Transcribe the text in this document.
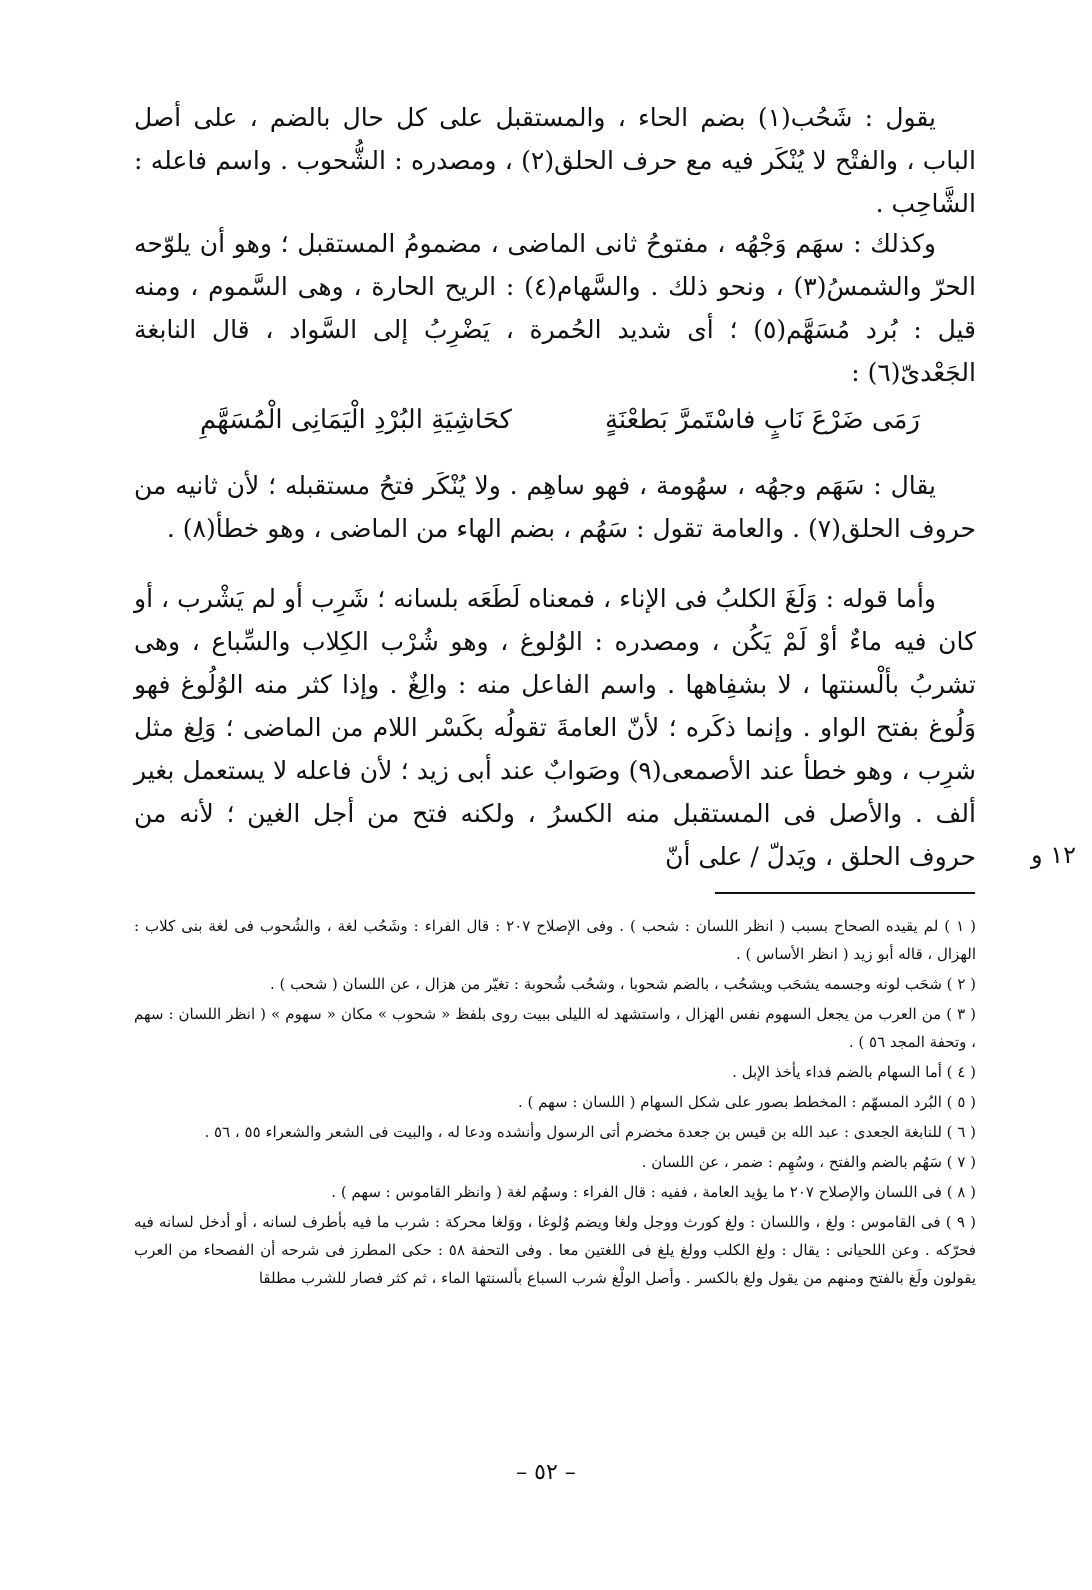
يقول : شَحُب(١) بضم الحاء ، والمستقبل على كل حال بالضم ، على أصل الباب ، والفتْح لا يُنْكَر فيه مع حرف الحلق(٢) ، ومصدره : الشُّحوب . واسم فاعله : الشَّاحِب .

وكذلك : سهَم وَجْهُه ، مفتوحُ ثانى الماضى ، مضمومُ المستقبل ؛ وهو أن يلوّحه الحرّ والشمسُ(٣) ، ونحو ذلك . والسَّهام(٤) : الريح الحارة ، وهى السَّموم ، ومنه قيل : بُرد مُسَهَّم(٥) ؛ أى شديد الحُمرة ، يَضْرِبُ إلى السَّواد ، قال النابغة الجَعْدىّ(٦) :

رَمَى ضَرْعَ نَابٍ فاسْتَمرَّ بَطعْنَةٍ
كحَاشِيَةِ البُرْدِ الْيَمَانِى الْمُسَهَّمِ

يقال : سَهَم وجهُه ، سهُومة ، فهو ساهِم . ولا يُنْكَر فتحُ مستقبله ؛ لأن ثانيه من حروف الحلق(٧) . والعامة تقول : سَهُم ، بضم الهاء من الماضى ، وهو خطأ(٨) .

وأما قوله : وَلَغَ الكلبُ فى الإناء ، فمعناه لَطَعَه بلسانه ؛ شَرِب أو لم يَشْرب ، أو كان فيه ماءٌ أوْ لَمْ يَكُن ، ومصدره : الوُلوغ ، وهو شُرْب الكِلاب والسِّباع ، وهى تشربُ بألْسنتها ، لا بشفِاهها . واسم الفاعل منه : والِغٌ . وإذا كثر منه الوُلُوغ فهو وَلُوغ بفتح الواو . وإنما ذكَره ؛ لأنّ العامةَ تقولُه بكَسْر اللام من الماضى ؛ وَلِغ مثل شرِب ، وهو خطأ عند الأصمعى(٩) وصَوابٌ عند أبى زيد ؛ لأن فاعله لا يستعمل بغير ألف . والأصل فى المستقبل منه الكسرُ ، ولكنه فتح من أجل الغين ؛ لأنه من حروف الحلق ، ويَدلّ / على أنّ	١٢ و

( ١ ) لم يقيده الصحاح بسبب ( انظر اللسان : شحب ) . وفى الإصلاح ٢٠٧ : قال الفراء : وشَحُب لغة ، والشُحوب فى لغة بنى كلاب : الهزال ، قاله أبو زيد ( انظر الأساس ) .

( ٢ ) شحَب لونه وجسمه يشحَب ويشحُب ، بالضم شحوبا ، وشحُب شُحوبة : تغيّر من هزال ، عن اللسان ( شحب ) .

( ٣ ) من العرب من يجعل السهوم نفس الهزال ، واستشهد له الليلى ببيت روى بلفظ « شحوب » مكان « سهوم » ( انظر اللسان : سهم ، وتحفة المجد ٥٦ ) .

( ٤ ) أما السهام بالضم فداء يأخذ الإبل .

( ٥ ) البُرد المسهّم : المخطط بصور على شكل السهام ( اللسان : سهم ) .

( ٦ ) للنابغة الجعدى : عبد الله بن قيس بن جعدة مخضرم أتى الرسول وأنشده ودعا له ، والبيت فى الشعر والشعراء ٥٥ ، ٥٦ .

( ٧ ) سَهُم بالضم والفتح ، وسُهِم : ضمر ، عن اللسان .

( ٨ ) فى اللسان والإصلاح ٢٠٧ ما يؤيد العامة ، ففيه : قال الفراء : وسهُم لغة ( وانظر القاموس : سهم ) .

( ٩ ) فى القاموس : ولغ ، واللسان : ولغ كورث ووجل ولغا ويضم وُلوغا ، ووَلغا محركة : شرب ما فيه بأطرف لسانه ، أو أدخل لسانه فيه فحرّكه . وعن اللحيانى : يقال : ولغ الكلب وولغ يلغ فى اللغتين معا . وفى التحفة ٥٨ : حكى المطرز فى شرحه أن الفصحاء من العرب يقولون ولَغ بالفتح ومنهم من يقول ولغ بالكسر . وأصل الولْغ شرب السباع بألسنتها الماء ، ثم كثر فصار للشرب مطلقا

– ٥٢ –
